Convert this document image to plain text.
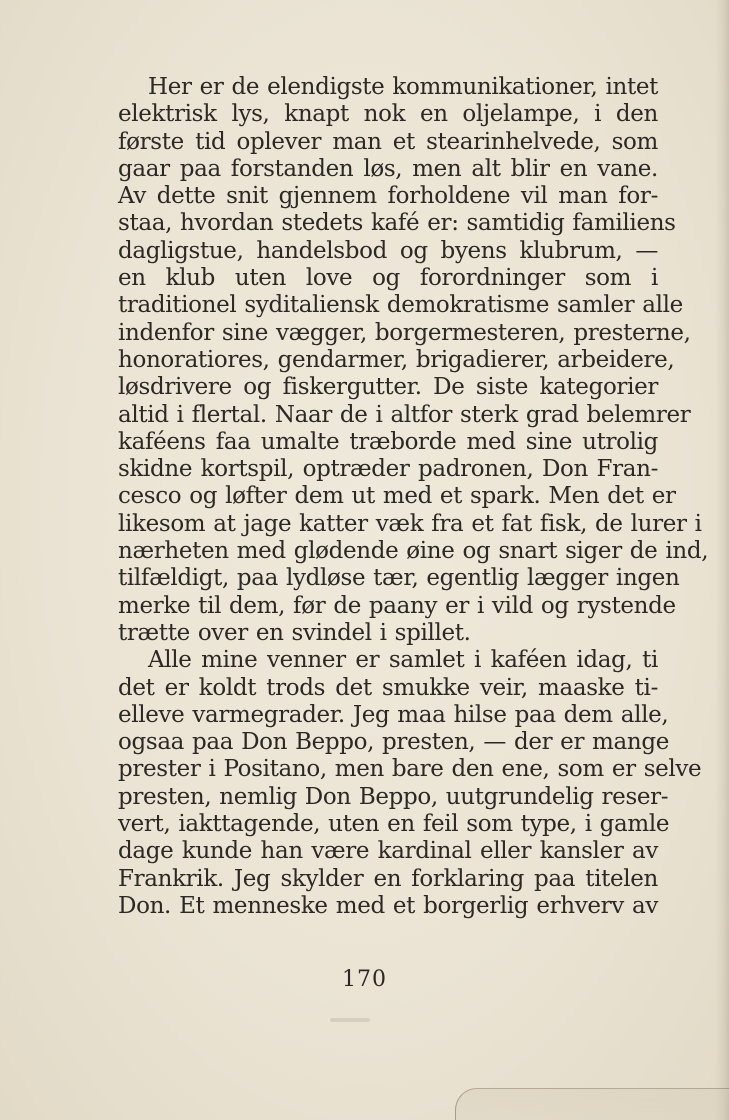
Her er de elendigste kommunikationer, intet
elektrisk lys, knapt nok en oljelampe, i den
første tid oplever man et stearinhelvede, som
gaar paa forstanden løs, men alt blir en vane.
Av dette snit gjennem forholdene vil man for-
staa, hvordan stedets kafé er: samtidig familiens
dagligstue, handelsbod og byens klubrum, —
en klub uten love og forordninger som i
traditionel syditaliensk demokratisme samler alle
indenfor sine vægger, borgermesteren, presterne,
honoratiores, gendarmer, brigadierer, arbeidere,
løsdrivere og fiskergutter. De siste kategorier
altid i flertal. Naar de i altfor sterk grad belemrer
kaféens faa umalte træborde med sine utrolig
skidne kortspil, optræder padronen, Don Fran-
cesco og løfter dem ut med et spark. Men det er
likesom at jage katter væk fra et fat fisk, de lurer i
nærheten med glødende øine og snart siger de ind,
tilfældigt, paa lydløse tær, egentlig lægger ingen
merke til dem, før de paany er i vild og rystende
trætte over en svindel i spillet.
Alle mine venner er samlet i kaféen idag, ti
det er koldt trods det smukke veir, maaske ti-
elleve varmegrader. Jeg maa hilse paa dem alle,
ogsaa paa Don Beppo, presten, — der er mange
prester i Positano, men bare den ene, som er selve
presten, nemlig Don Beppo, uutgrundelig reser-
vert, iakttagende, uten en feil som type, i gamle
dage kunde han være kardinal eller kansler av
Frankrik. Jeg skylder en forklaring paa titelen
Don. Et menneske med et borgerlig erhverv av
170
